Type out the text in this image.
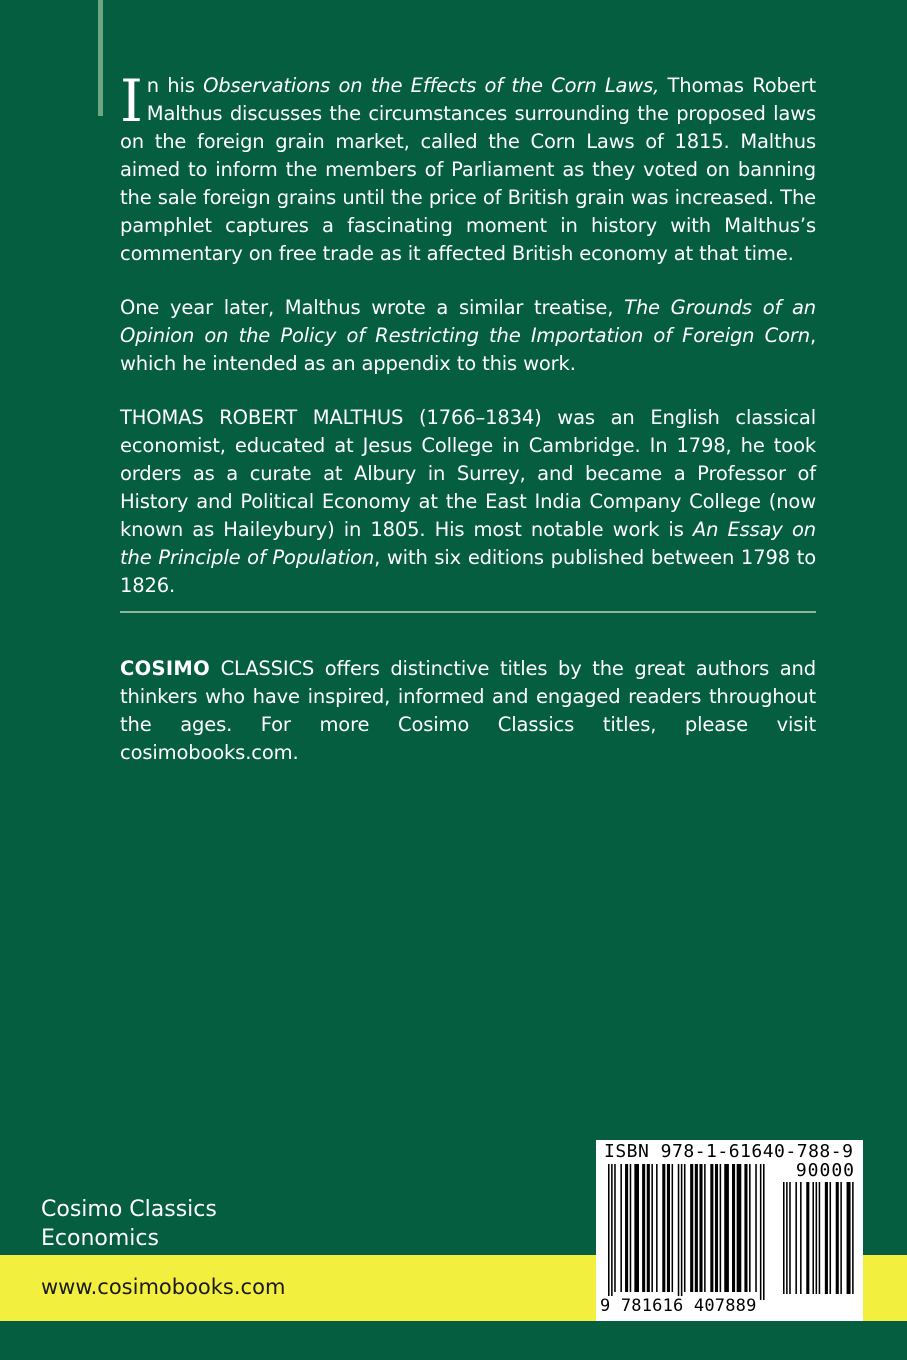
In his Observations on the Effects of the Corn Laws, Thomas Robert Malthus discusses the circumstances surrounding the proposed laws on the foreign grain market, called the Corn Laws of 1815. Malthus aimed to inform the members of Parliament as they voted on banning the sale foreign grains until the price of British grain was increased. The pamphlet captures a fascinating moment in history with Malthus’s commentary on free trade as it affected British economy at that time.
One year later, Malthus wrote a similar treatise, The Grounds of an Opinion on the Policy of Restricting the Importation of Foreign Corn, which he intended as an appendix to this work.
THOMAS ROBERT MALTHUS (1766–1834) was an English classical economist, educated at Jesus College in Cambridge. In 1798, he took orders as a curate at Albury in Surrey, and became a Professor of History and Political Economy at the East India Company College (now known as Haileybury) in 1805. His most notable work is An Essay on the Principle of Population, with six editions published between 1798 to 1826.
COSIMO CLASSICS offers distinctive titles by the great authors and thinkers who have inspired, informed and engaged readers throughout the ages. For more Cosimo Classics titles, please visit cosimobooks.com.
Cosimo Classics
Economics
www.cosimobooks.com
ISBN 978-1-61640-788-9
90000
9 781616 407889
